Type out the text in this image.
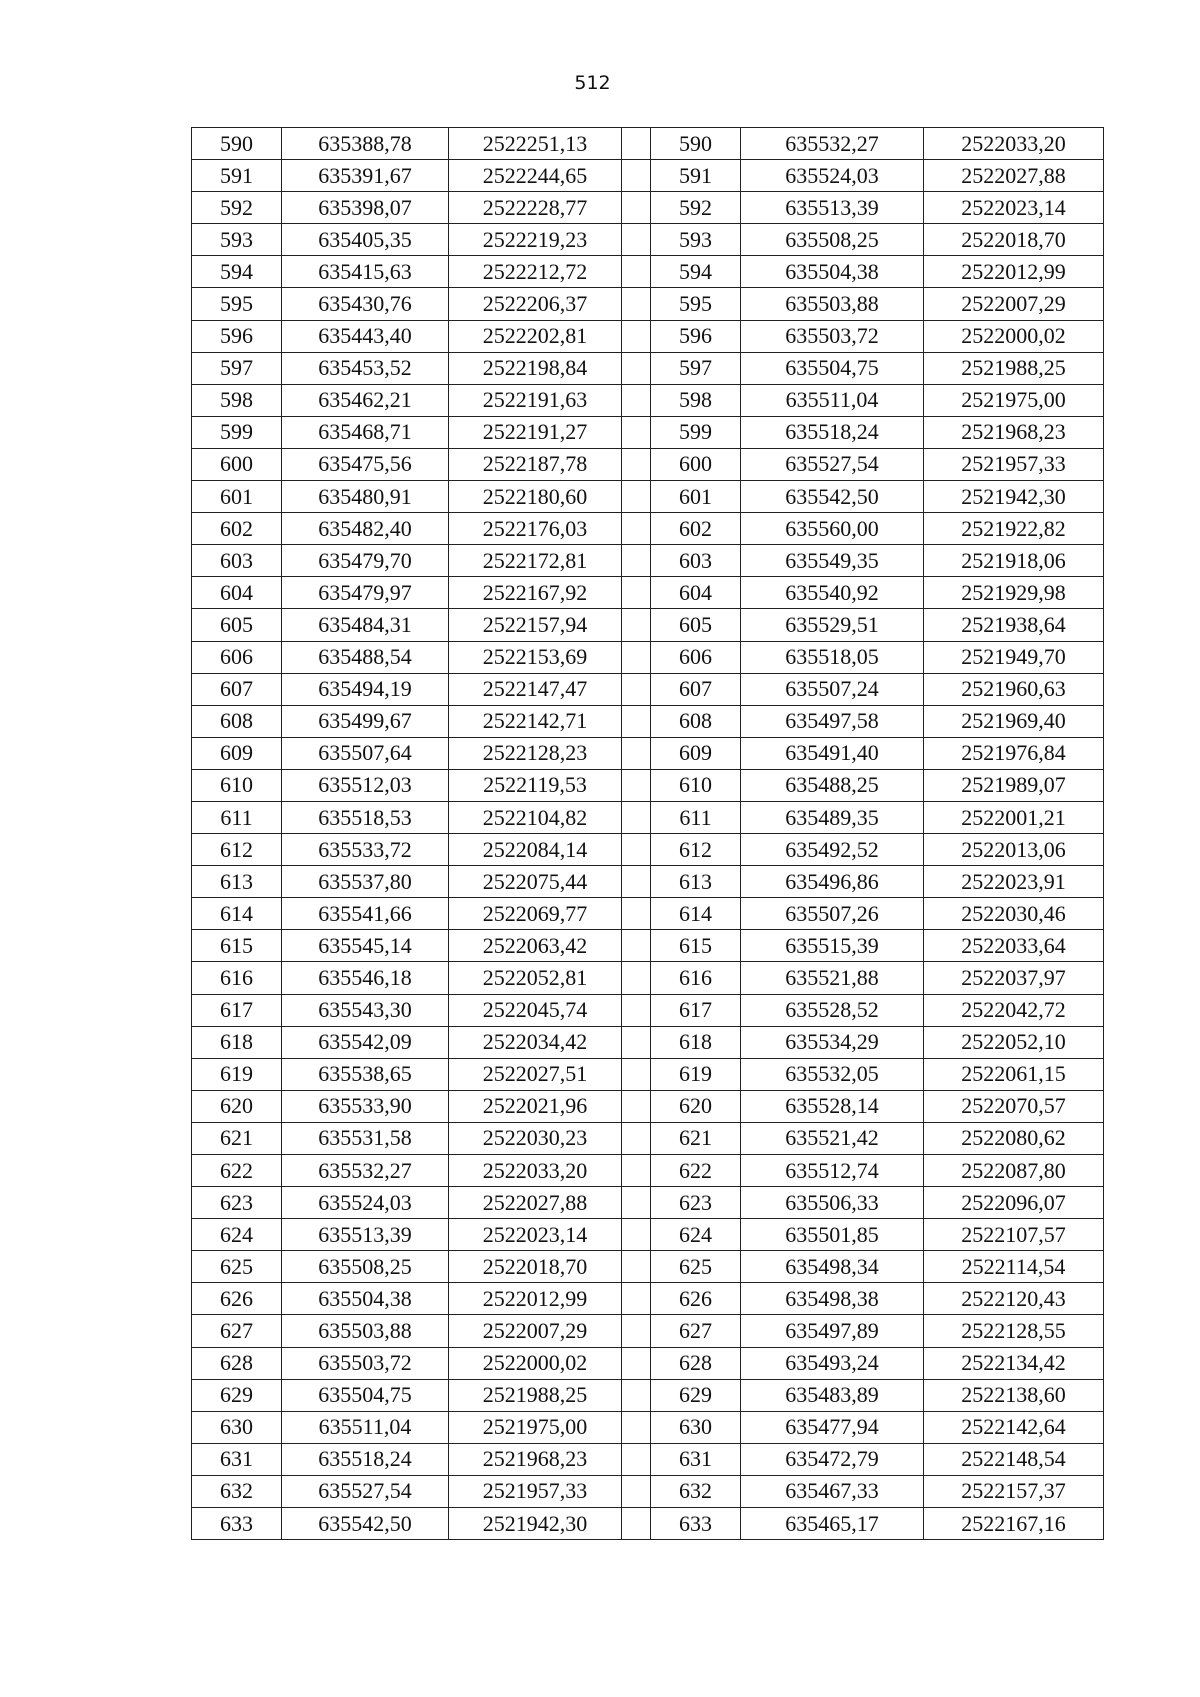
512
590	635388,78	2522251,13		590	635532,27	2522033,20
591	635391,67	2522244,65		591	635524,03	2522027,88
592	635398,07	2522228,77		592	635513,39	2522023,14
593	635405,35	2522219,23		593	635508,25	2522018,70
594	635415,63	2522212,72		594	635504,38	2522012,99
595	635430,76	2522206,37		595	635503,88	2522007,29
596	635443,40	2522202,81		596	635503,72	2522000,02
597	635453,52	2522198,84		597	635504,75	2521988,25
598	635462,21	2522191,63		598	635511,04	2521975,00
599	635468,71	2522191,27		599	635518,24	2521968,23
600	635475,56	2522187,78		600	635527,54	2521957,33
601	635480,91	2522180,60		601	635542,50	2521942,30
602	635482,40	2522176,03		602	635560,00	2521922,82
603	635479,70	2522172,81		603	635549,35	2521918,06
604	635479,97	2522167,92		604	635540,92	2521929,98
605	635484,31	2522157,94		605	635529,51	2521938,64
606	635488,54	2522153,69		606	635518,05	2521949,70
607	635494,19	2522147,47		607	635507,24	2521960,63
608	635499,67	2522142,71		608	635497,58	2521969,40
609	635507,64	2522128,23		609	635491,40	2521976,84
610	635512,03	2522119,53		610	635488,25	2521989,07
611	635518,53	2522104,82		611	635489,35	2522001,21
612	635533,72	2522084,14		612	635492,52	2522013,06
613	635537,80	2522075,44		613	635496,86	2522023,91
614	635541,66	2522069,77		614	635507,26	2522030,46
615	635545,14	2522063,42		615	635515,39	2522033,64
616	635546,18	2522052,81		616	635521,88	2522037,97
617	635543,30	2522045,74		617	635528,52	2522042,72
618	635542,09	2522034,42		618	635534,29	2522052,10
619	635538,65	2522027,51		619	635532,05	2522061,15
620	635533,90	2522021,96		620	635528,14	2522070,57
621	635531,58	2522030,23		621	635521,42	2522080,62
622	635532,27	2522033,20		622	635512,74	2522087,80
623	635524,03	2522027,88		623	635506,33	2522096,07
624	635513,39	2522023,14		624	635501,85	2522107,57
625	635508,25	2522018,70		625	635498,34	2522114,54
626	635504,38	2522012,99		626	635498,38	2522120,43
627	635503,88	2522007,29		627	635497,89	2522128,55
628	635503,72	2522000,02		628	635493,24	2522134,42
629	635504,75	2521988,25		629	635483,89	2522138,60
630	635511,04	2521975,00		630	635477,94	2522142,64
631	635518,24	2521968,23		631	635472,79	2522148,54
632	635527,54	2521957,33		632	635467,33	2522157,37
633	635542,50	2521942,30		633	635465,17	2522167,16
